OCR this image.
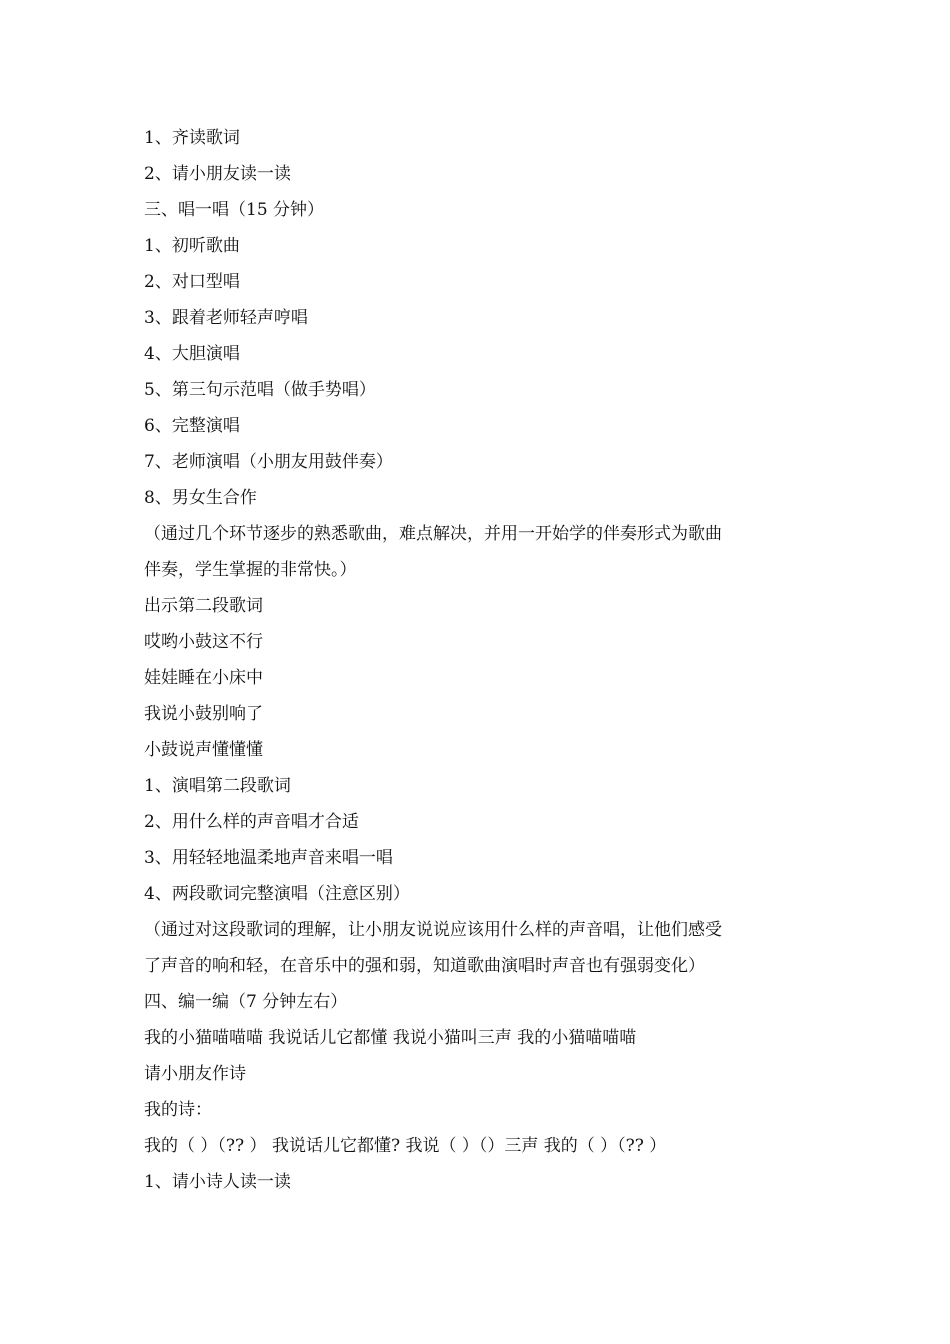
1、齐读歌词
2、请小朋友读一读
三、唱一唱（15 分钟）
1、初听歌曲
2、对口型唱
3、跟着老师轻声哼唱
4、大胆演唱
5、第三句示范唱（做手势唱）
6、完整演唱
7、老师演唱（小朋友用鼓伴奏）
8、男女生合作
（通过几个环节逐步的熟悉歌曲，难点解决，并用一开始学的伴奏形式为歌曲
伴奏，学生掌握的非常快。）
出示第二段歌词
哎哟小鼓这不行
娃娃睡在小床中
我说小鼓别响了
小鼓说声懂懂懂
1、演唱第二段歌词
2、用什么样的声音唱才合适
3、用轻轻地温柔地声音来唱一唱
4、两段歌词完整演唱（注意区别）
（通过对这段歌词的理解，让小朋友说说应该用什么样的声音唱，让他们感受
了声音的响和轻，在音乐中的强和弱，知道歌曲演唱时声音也有强弱变化）
四、编一编（7 分钟左右）
我的小猫喵喵喵 我说话儿它都懂 我说小猫叫三声 我的小猫喵喵喵
请小朋友作诗
我的诗：
我的（ ）（?? ） 我说话儿它都懂? 我说（ ）（）三声 我的（ ）（?? ）
1、请小诗人读一读
